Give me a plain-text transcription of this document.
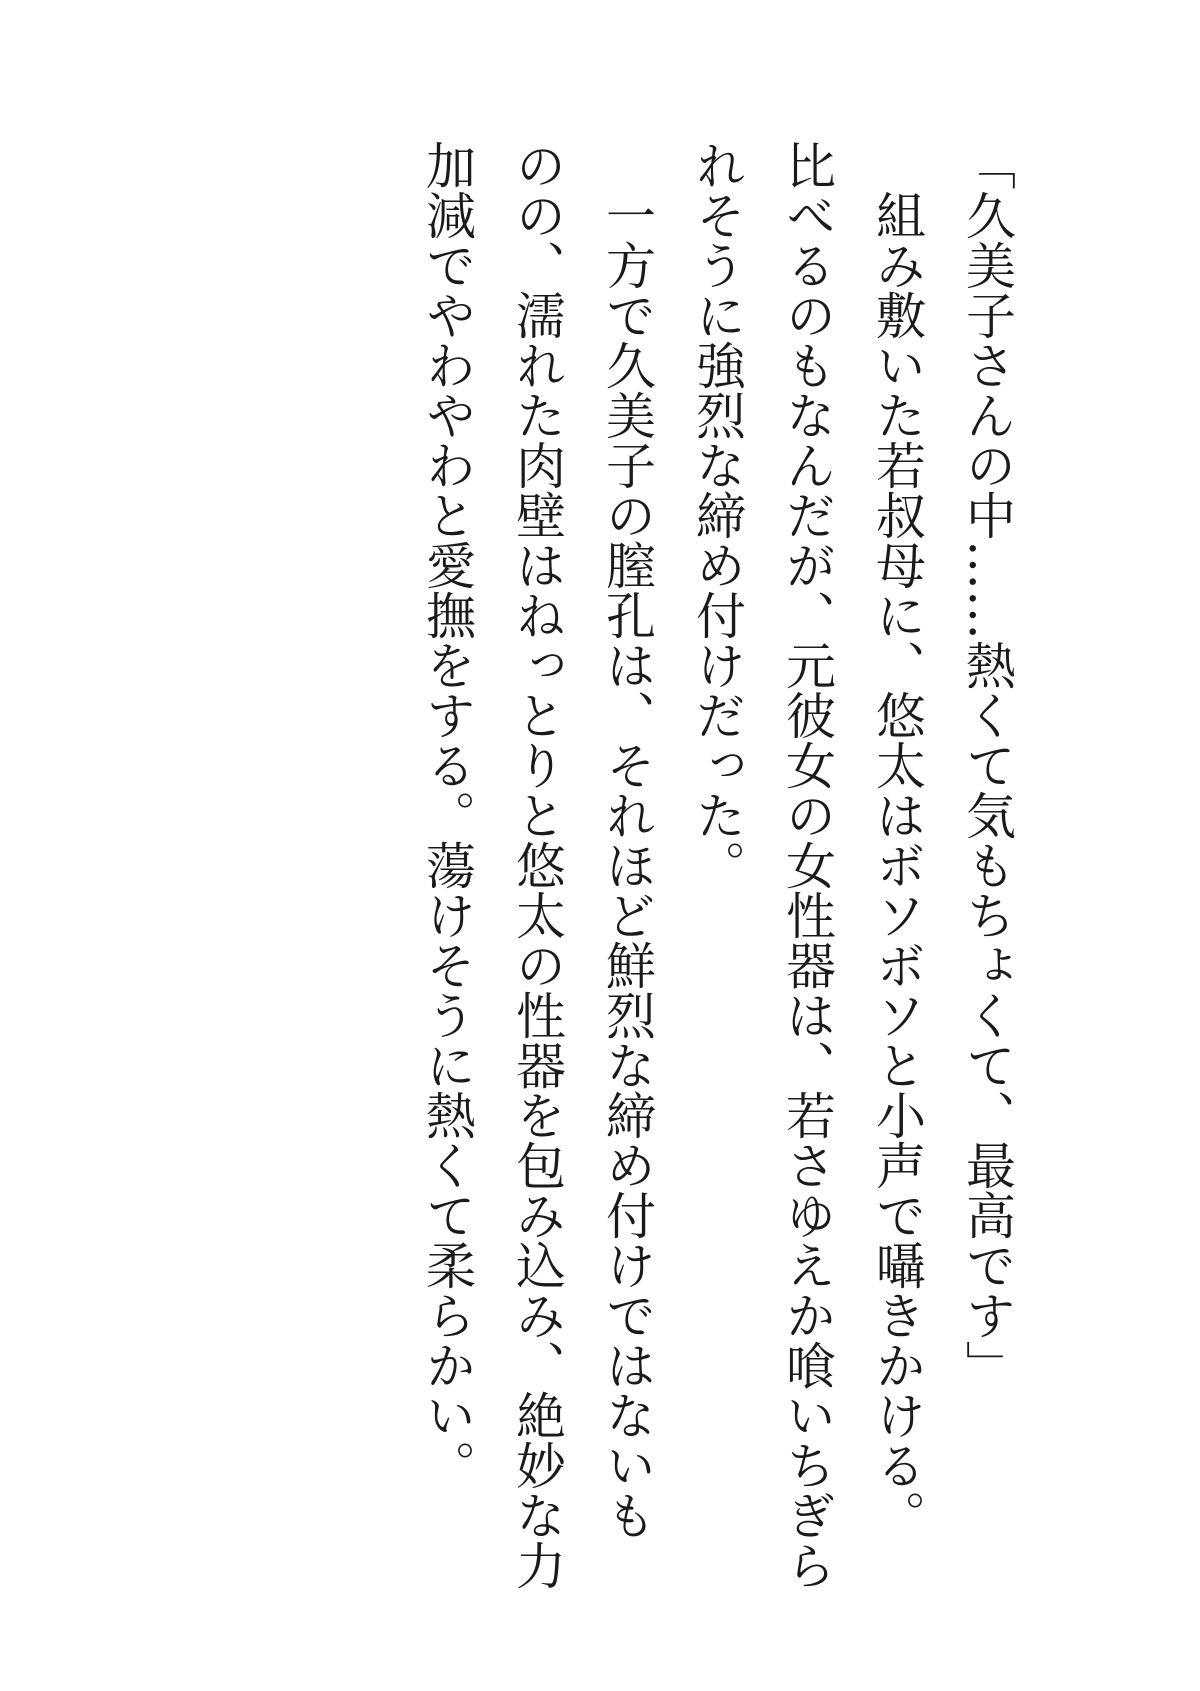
「久美子さんの中……熱くて気もちょくて、最高です」

組み敷いた若叔母に、悠太はボソボソと小声で囁きかける。

比べるのもなんだが、元彼女の女性器は、若さゆえか喰いちぎら

れそうに強烈な締め付けだった。

一方で久美子の膣孔は、それほど鮮烈な締め付けではないも

のの、濡れた肉壁はねっとりと悠太の性器を包み込み、絶妙な力

加減でやわやわと愛撫をする。蕩けそうに熱くて柔らかい。
